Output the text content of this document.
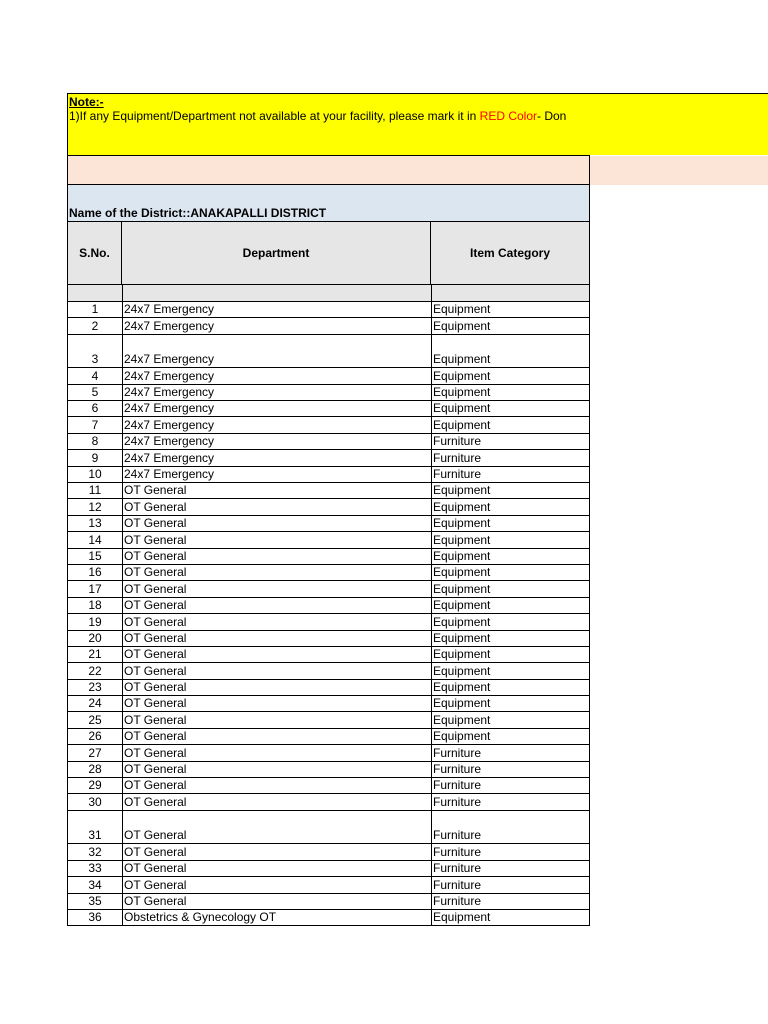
Note:-
1)If any Equipment/Department not available at your facility, please mark it in RED Color- Don
Name of the District::ANAKAPALLI DISTRICT
S.No.	Department	Item Category
1	24x7 Emergency	Equipment
2	24x7 Emergency	Equipment
3	24x7 Emergency	Equipment
4	24x7 Emergency	Equipment
5	24x7 Emergency	Equipment
6	24x7 Emergency	Equipment
7	24x7 Emergency	Equipment
8	24x7 Emergency	Furniture
9	24x7 Emergency	Furniture
10	24x7 Emergency	Furniture
11	OT General	Equipment
12	OT General	Equipment
13	OT General	Equipment
14	OT General	Equipment
15	OT General	Equipment
16	OT General	Equipment
17	OT General	Equipment
18	OT General	Equipment
19	OT General	Equipment
20	OT General	Equipment
21	OT General	Equipment
22	OT General	Equipment
23	OT General	Equipment
24	OT General	Equipment
25	OT General	Equipment
26	OT General	Equipment
27	OT General	Furniture
28	OT General	Furniture
29	OT General	Furniture
30	OT General	Furniture
31	OT General	Furniture
32	OT General	Furniture
33	OT General	Furniture
34	OT General	Furniture
35	OT General	Furniture
36	Obstetrics & Gynecology OT	Equipment
